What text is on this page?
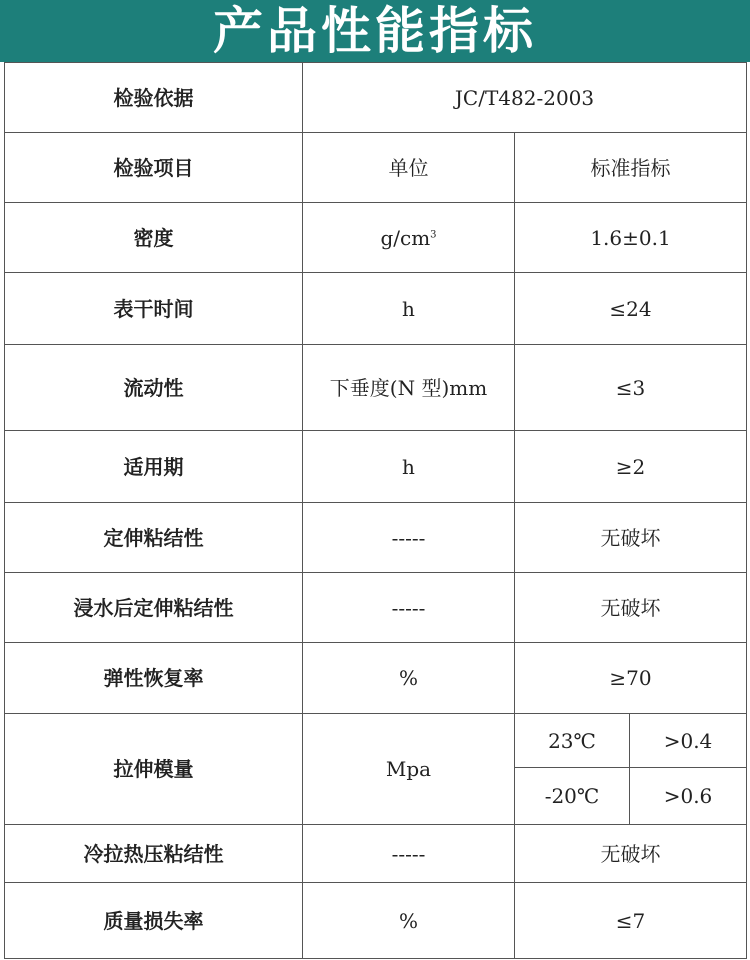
产品性能指标
检验依据	JC/T482-2003		
检验项目	单位	标准指标	
密度	$g/cm^3$	1.6±0.1	
表干时间	h	≤24	
流动性	下垂度(N 型)mm	≤3	
适用期	h	≥2	
定伸粘结性	-----	无破坏	
浸水后定伸粘结性	-----	无破坏	
弹性恢复率	%	≥70	
拉伸模量	Mpa	23℃	>0.4
		-20℃	>0.6
冷拉热压粘结性	-----	无破坏	
质量损失率	%	≤7	
